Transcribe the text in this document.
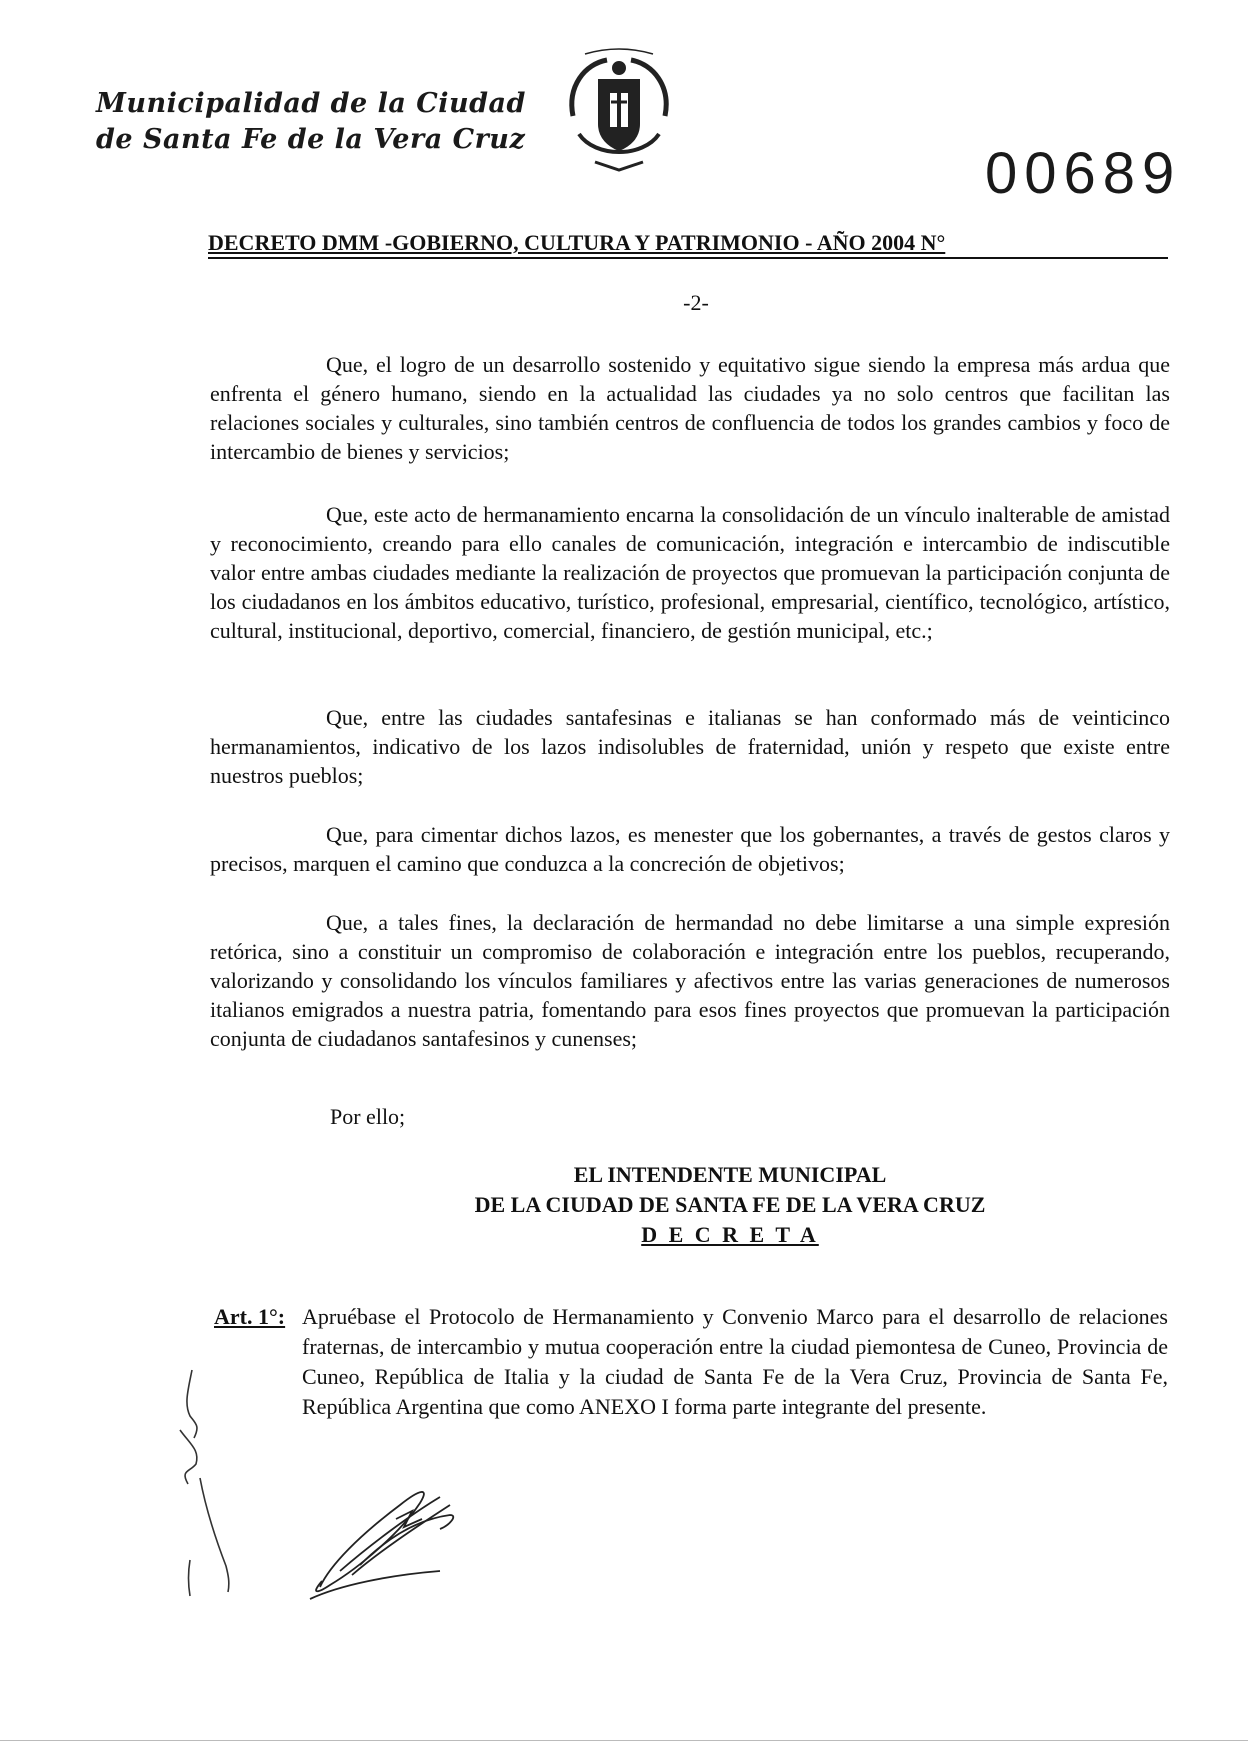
Municipalidad de la Ciudad
de Santa Fe de la Vera Cruz
00689
DECRETO DMM -GOBIERNO, CULTURA Y PATRIMONIO - AÑO 2004 N°
-2-

Que, el logro de un desarrollo sostenido y equitativo sigue siendo la empresa más ardua que enfrenta el género humano, siendo en la actualidad las ciudades ya no solo centros que facilitan las relaciones sociales y culturales, sino también centros de confluencia de todos los grandes cambios y foco de intercambio de bienes y servicios;

Que, este acto de hermanamiento encarna la consolidación de un vínculo inalterable de amistad y reconocimiento, creando para ello canales de comunicación, integración e intercambio de indiscutible valor entre ambas ciudades mediante la realización de proyectos que promuevan la participación conjunta de los ciudadanos en los ámbitos educativo, turístico, profesional, empresarial, científico, tecnológico, artístico, cultural, institucional, deportivo, comercial, financiero, de gestión municipal, etc.;

Que, entre las ciudades santafesinas e italianas se han conformado más de veinticinco hermanamientos, indicativo de los lazos indisolubles de fraternidad, unión y respeto que existe entre nuestros pueblos;

Que, para cimentar dichos lazos, es menester que los gobernantes, a través de gestos claros y precisos, marquen el camino que conduzca a la concreción de objetivos;

Que, a tales fines, la declaración de hermandad no debe limitarse a una simple expresión retórica, sino a constituir un compromiso de colaboración e integración entre los pueblos, recuperando, valorizando y consolidando los vínculos familiares y afectivos entre las varias generaciones de numerosos italianos emigrados a nuestra patria, fomentando para esos fines proyectos que promuevan la participación conjunta de ciudadanos santafesinos y cunenses;

Por ello;
EL INTENDENTE MUNICIPAL
DE LA CIUDAD DE SANTA FE DE LA VERA CRUZ
D E C R E T A
Art. 1°: Apruébase el Protocolo de Hermanamiento y Convenio Marco para el desarrollo de relaciones fraternas, de intercambio y mutua cooperación entre la ciudad piemontesa de Cuneo, Provincia de Cuneo, República de Italia y la ciudad de Santa Fe de la Vera Cruz, Provincia de Santa Fe, República Argentina que como ANEXO I forma parte integrante del presente.
